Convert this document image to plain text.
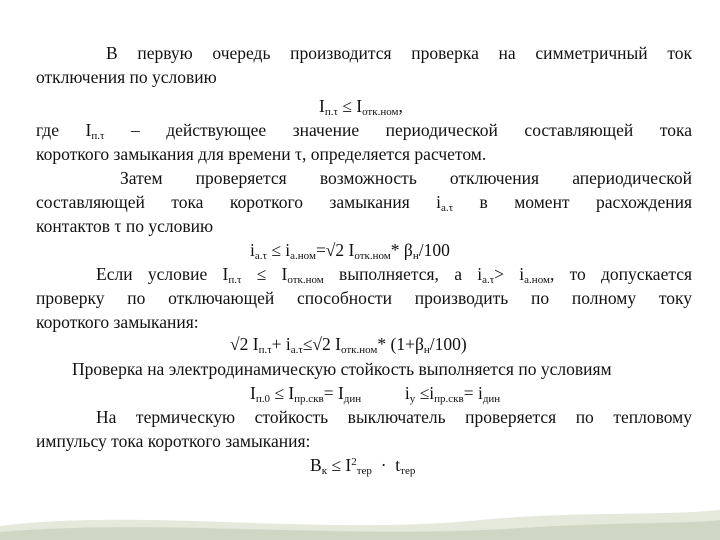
В первую очередь производится проверка на симметричный ток
отключения по условию
$I_{п.\tau} \le I_{отк.ном}$,
где $I_{п.\tau}$ – действующее значение периодической составляющей тока
короткого замыкания для времени τ, определяется расчетом.
Затем проверяется возможность отключения апериодической
составляющей тока короткого замыкания $i_{а.\tau}$ в момент расхождения
контактов τ по условию
$i_{а.\tau} \le i_{а.ном}=√2$ $I_{отк.ном}*$ $\beta_н/100$
Если условие $I_{п.\tau} \le I_{отк.ном}$ выполняется, а $i_{а.\tau}> i_{а.ном}$, то допускается
проверку по отключающей способности производить по полному току
короткого замыкания:
√2 $I_{п.\tau}+ i_{а.\tau}\le√2$ $I_{отк.ном}*$ $(1+\beta_н/100)$
Проверка на электродинамическую стойкость выполняется по условиям
$I_{п.0} \le I_{пр.скв}= I_{дин}$          $i_у \le i_{пр.скв}= i_{дин}$
На термическую стойкость выключатель проверяется по тепловому
импульсу тока короткого замыкания:
$B_к \le I^2_{тер} \cdot t_{тер}$
